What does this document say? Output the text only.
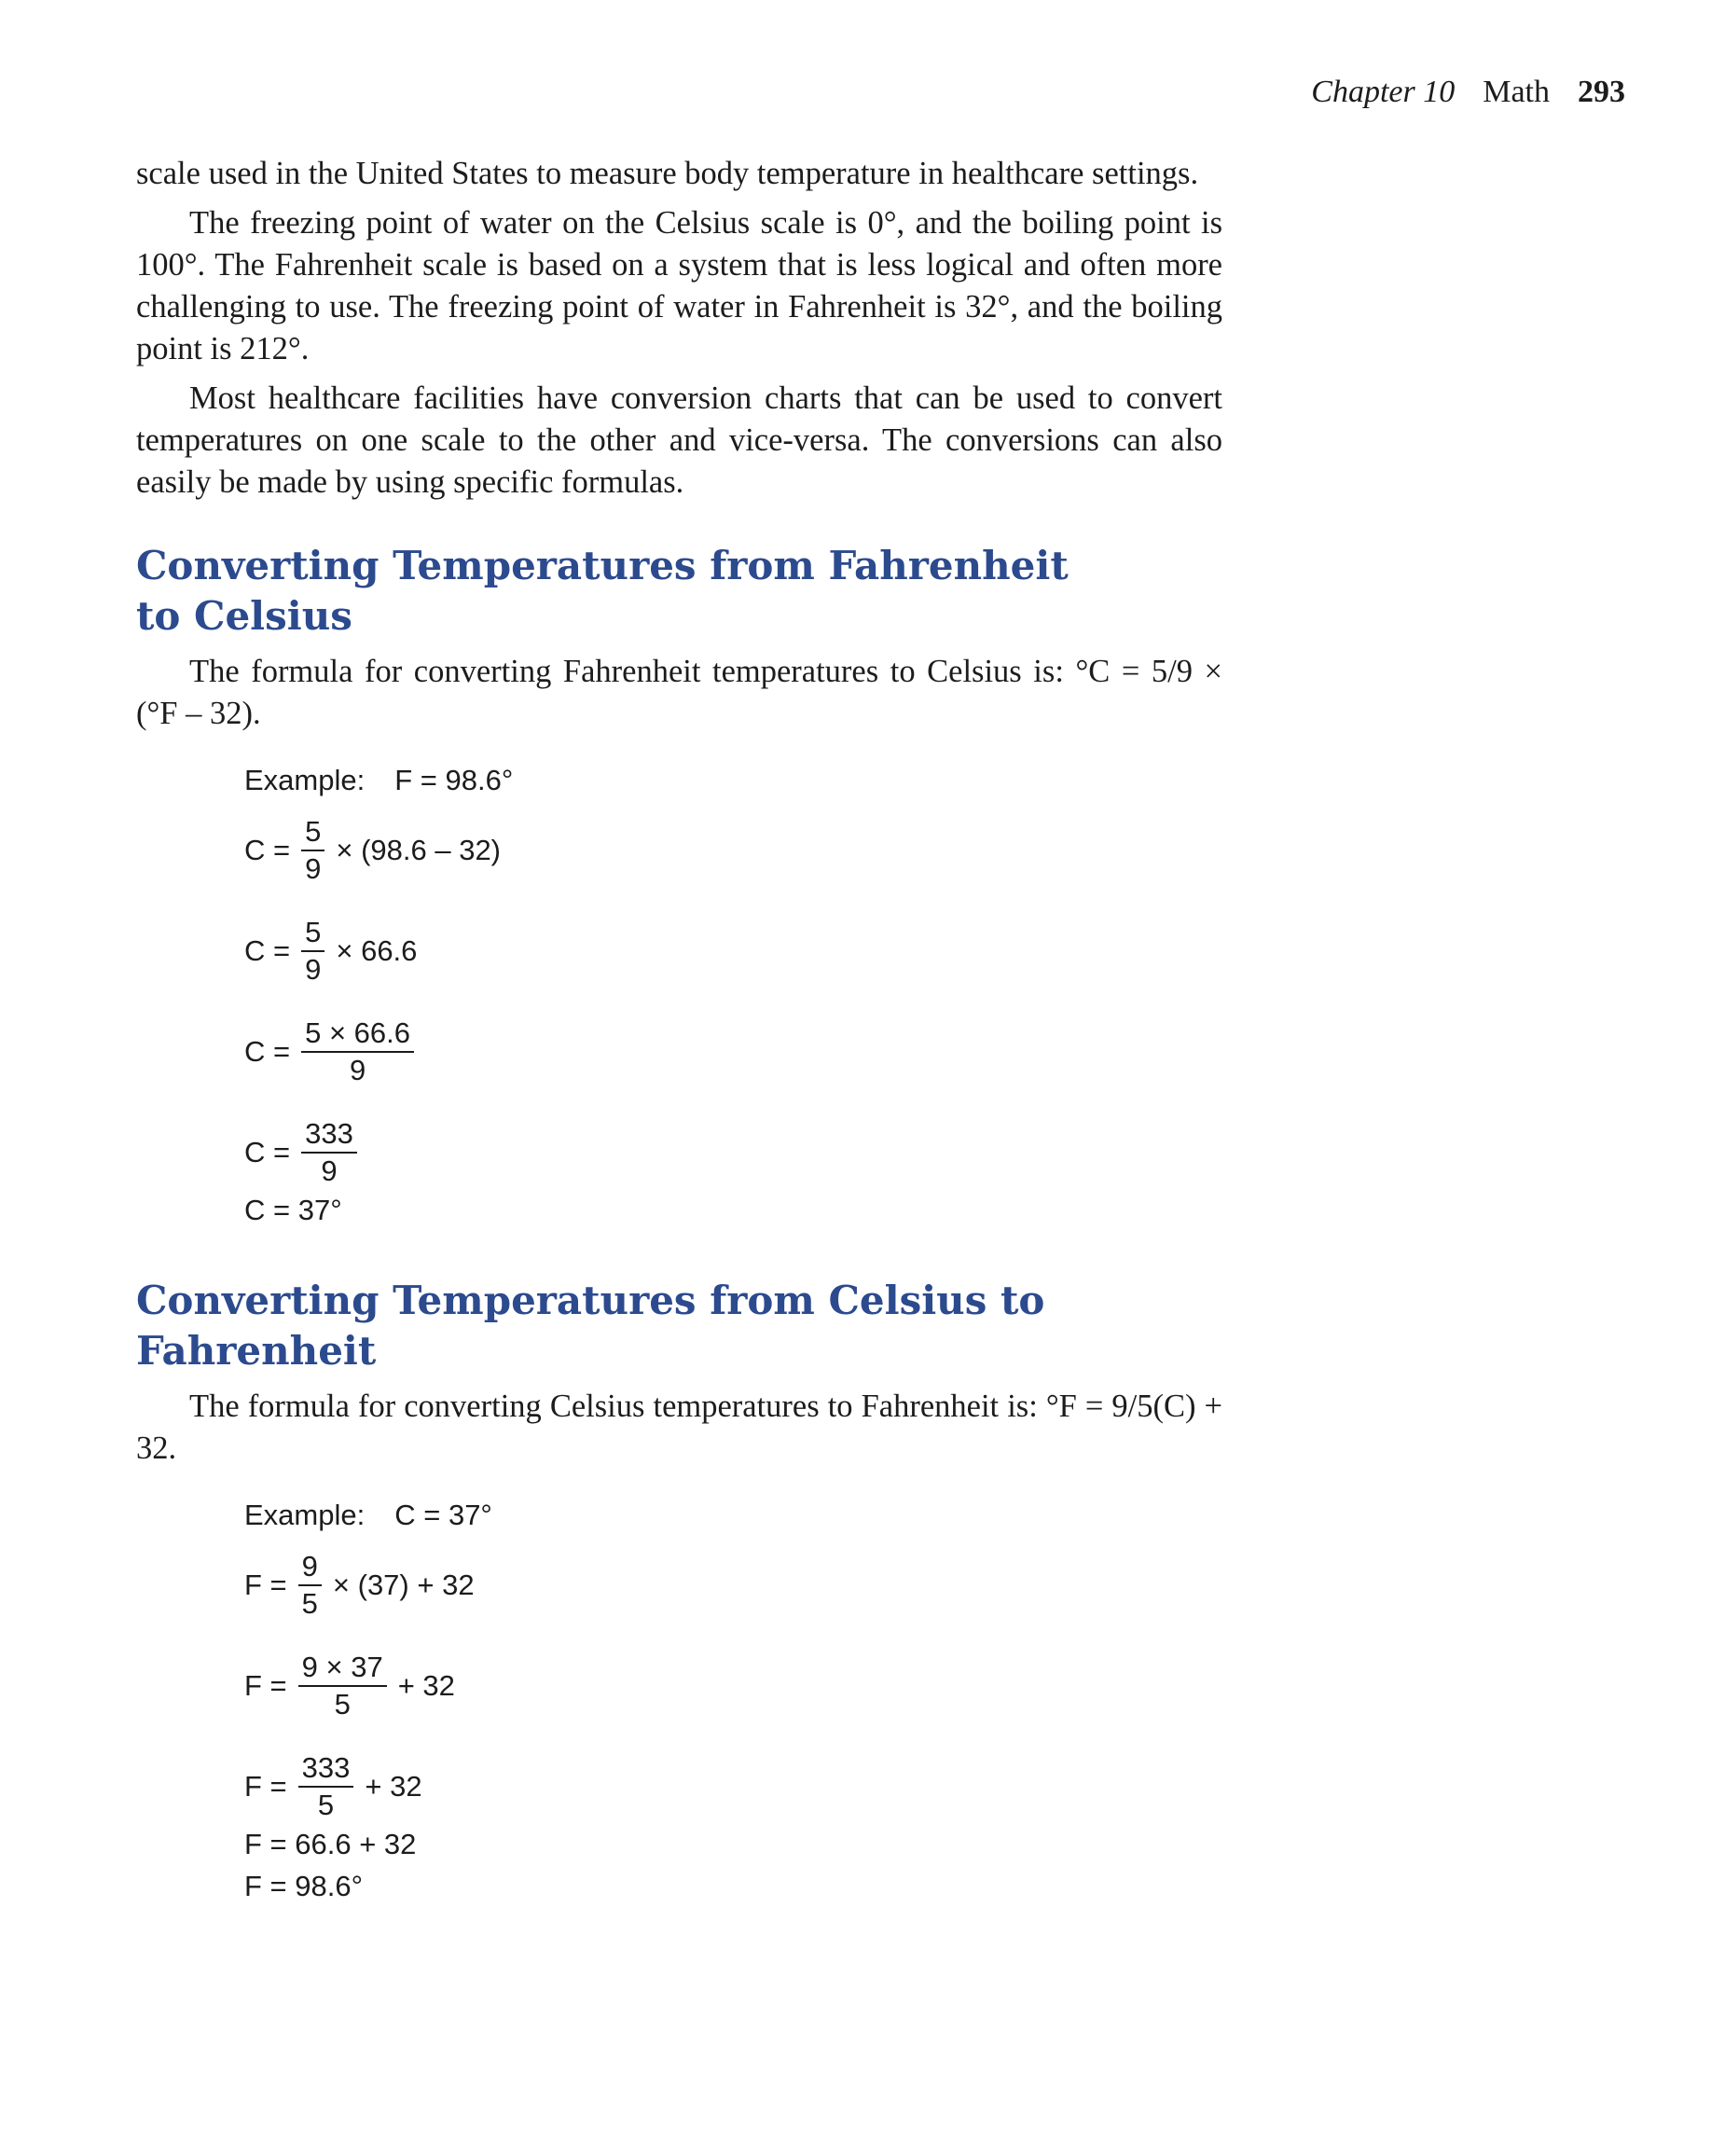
Chapter 10 Math 293

scale used in the United States to measure body temperature in healthcare settings.

The freezing point of water on the Celsius scale is 0°, and the boiling point is 100°. The Fahrenheit scale is based on a system that is less logical and often more challenging to use. The freezing point of water in Fahrenheit is 32°, and the boiling point is 212°.

Most healthcare facilities have conversion charts that can be used to convert temperatures on one scale to the other and vice-versa. The conversions can also easily be made by using specific formulas.

Converting Temperatures from Fahrenheit
to Celsius

The formula for converting Fahrenheit temperatures to Celsius is: °C = 5/9 × (°F – 32).

Example: F = 98.6°
$C = \frac{5}{9} \times (98.6 - 32)$
$C = \frac{5}{9} \times 66.6$
$C = \frac{5 \times 66.6}{9}$
$C = \frac{333}{9}$
C = 37°
Converting Temperatures from Celsius to
Fahrenheit

The formula for converting Celsius temperatures to Fahrenheit is: °F = 9/5(C) + 32.

Example: C = 37°
$F = \frac{9}{5} \times (37) + 32$
$F = \frac{9 \times 37}{5} + 32$
$F = \frac{333}{5} + 32$
F = 66.6 + 32
F = 98.6°
